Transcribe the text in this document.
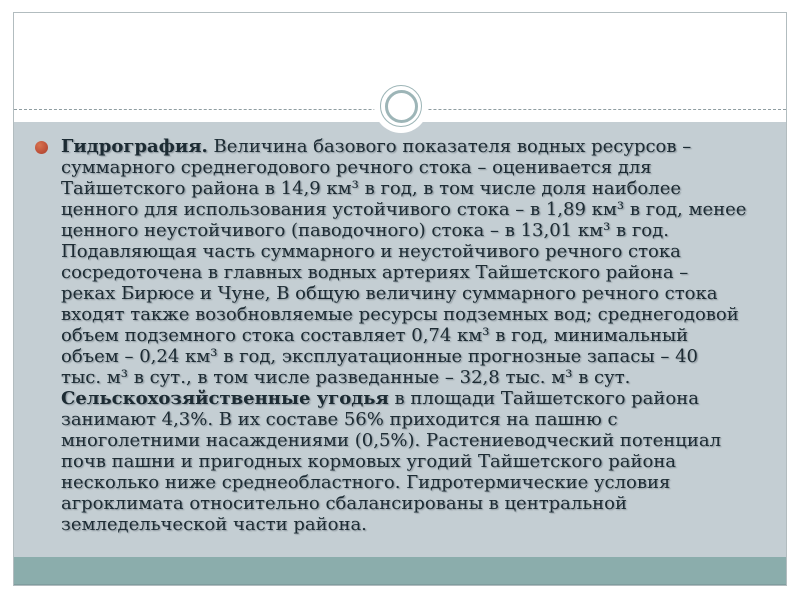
Гидрография. Величина базового показателя водных ресурсов –
суммарного среднегодового речного стока – оценивается для
Тайшетского района в 14,9 км³ в год, в том числе доля наиболее
ценного для использования устойчивого стока – в 1,89 км³ в год, менее
ценного неустойчивого (паводочного) стока – в 13,01 км³ в год.
Подавляющая часть суммарного и неустойчивого речного стока
сосредоточена в главных водных артериях Тайшетского района –
реках Бирюсе и Чуне, В общую величину суммарного речного стока
входят также возобновляемые ресурсы подземных вод; среднегодовой
объем подземного стока составляет 0,74 км³ в год, минимальный
объем – 0,24 км³ в год, эксплуатационные прогнозные запасы – 40
тыс. м³ в сут., в том числе разведанные – 32,8 тыс. м³ в сут.
Сельскохозяйственные угодья в площади Тайшетского района
занимают 4,3%. В их составе 56% приходится на пашню с
многолетними насаждениями (0,5%). Растениеводческий потенциал
почв пашни и пригодных кормовых угодий Тайшетского района
несколько ниже среднеобластного. Гидротермические условия
агроклимата относительно сбалансированы в центральной
земледельческой части района.
